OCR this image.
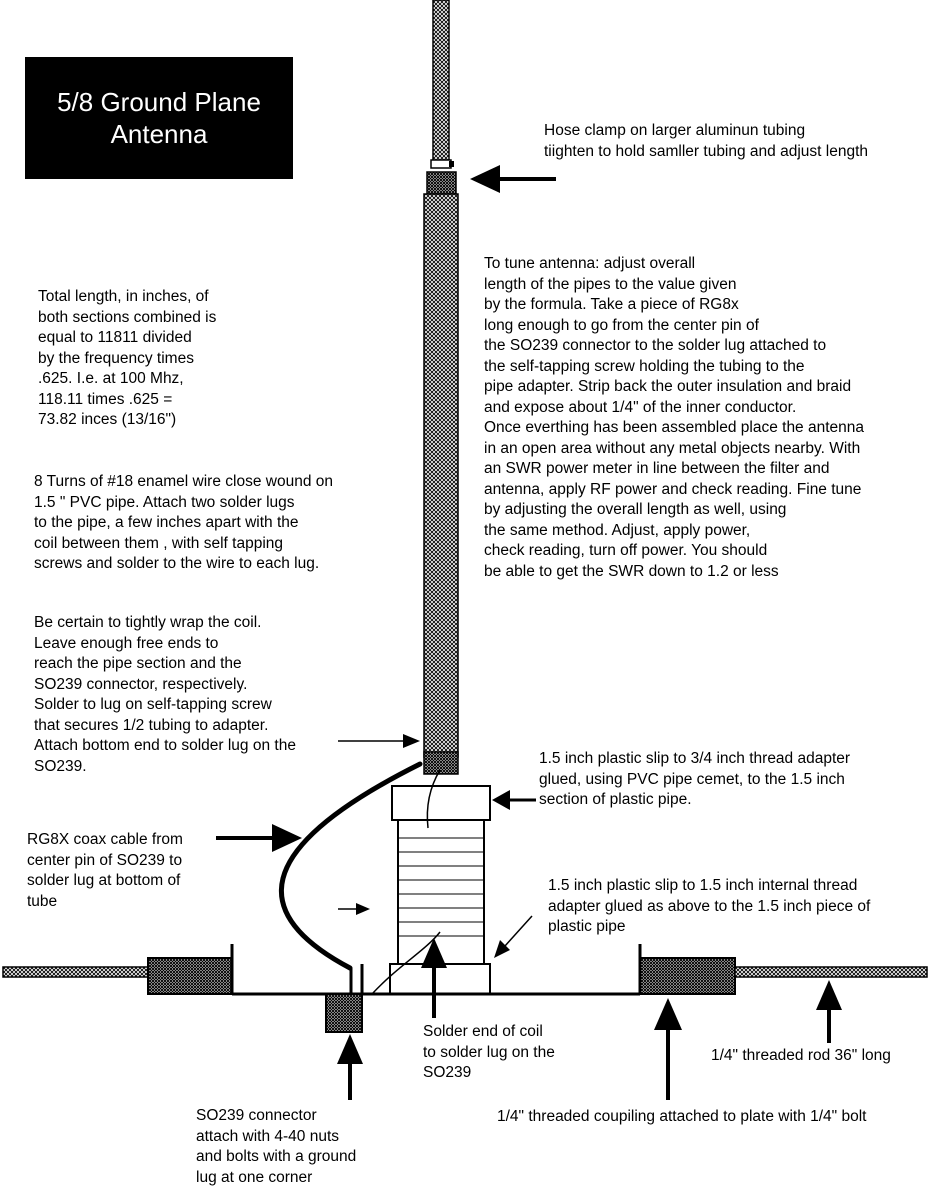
5/8 Ground Plane
Antenna	Hose clamp on larger aluminun tubing
tiighten to hold samller tubing and adjust length
Total length, in inches, of
both sections combined is
equal to 11811 divided
by the frequency times
.625. I.e. at 100 Mhz,
118.11 times .625 =
73.82 inces (13/16")
To tune antenna: adjust overall
length of the pipes to the value given
by the formula. Take a piece of RG8x
long enough to go from the center pin of
the SO239 connector to the solder lug attached to
the self-tapping screw holding the tubing to the
pipe adapter. Strip back the outer insulation and braid
and expose about 1/4" of the inner conductor.
Once everthing has been assembled place the antenna
in an open area without any metal objects nearby. With
an SWR power meter in line between the filter and
antenna, apply RF power and check reading. Fine tune
by adjusting the overall length as well, using
the same method. Adjust, apply power,
check reading, turn off power. You should
be able to get the SWR down to 1.2 or less
8 Turns of #18 enamel wire close wound on
1.5 " PVC pipe. Attach two solder lugs
to the pipe, a few inches apart with the
coil between them , with self tapping
screws and solder to the wire to each lug.
Be certain to tightly wrap the coil.
Leave enough free ends to
reach the pipe section and the
SO239 connector, respectively.
Solder to lug on self-tapping screw
that secures 1/2 tubing to adapter.
Attach bottom end to solder lug on the
SO239.	1.5 inch plastic slip to 3/4 inch thread adapter
glued, using PVC pipe cemet, to the 1.5 inch
section of plastic pipe.
RG8X coax cable from
center pin of SO239 to
solder lug at bottom of
tube
1.5 inch plastic slip to 1.5 inch internal thread
adapter glued as above to the 1.5 inch piece of
plastic pipe
Solder end of coil
to solder lug on the
SO239
1/4" threaded rod 36" long
1/4" threaded coupiling attached to plate with 1/4" bolt
SO239 connector
attach with 4-40 nuts
and bolts with a ground
lug at one corner
